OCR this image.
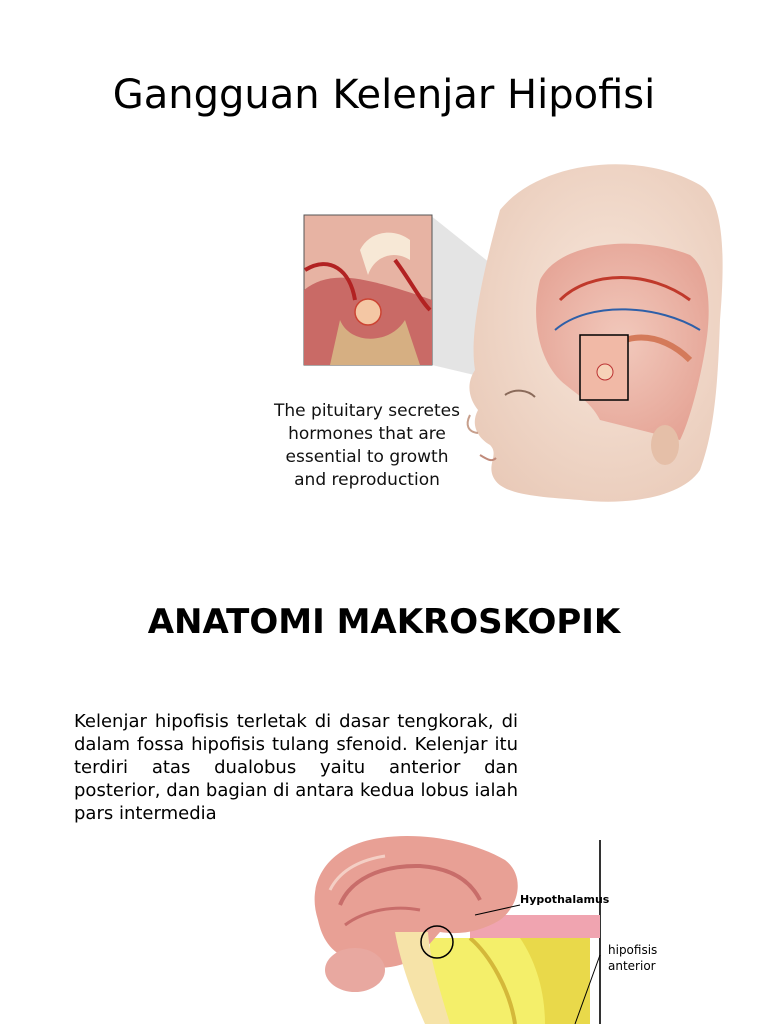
Gangguan Kelenjar Hipofisi
The pituitary secretes
hormones that are
essential to growth
and reproduction
ANATOMI MAKROSKOPIK
Kelenjar hipofisis terletak di dasar tengkorak, di dalam fossa hipofisis tulang sfenoid. Kelenjar itu terdiri atas dualobus yaitu anterior dan posterior, dan bagian di antara kedua lobus ialah pars intermedia
Hypothalamus
hipofisis
anterior
